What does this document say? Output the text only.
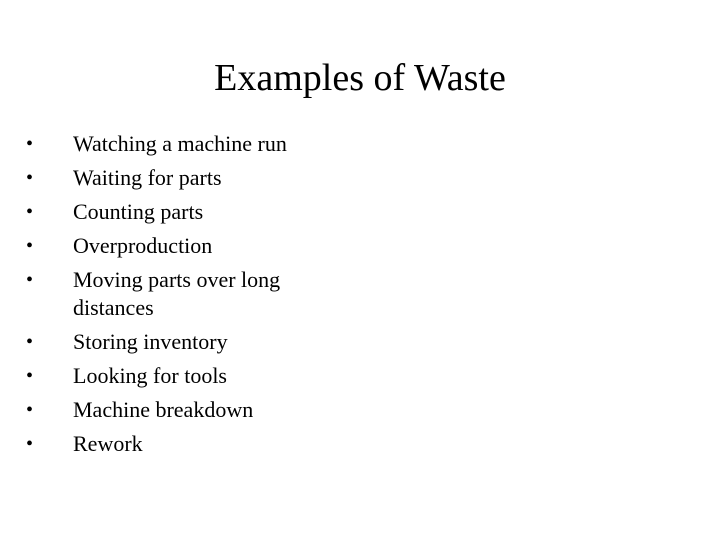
Examples of Waste
•	Watching a machine run
•	Waiting for parts
•	Counting parts
•	Overproduction
•	Moving parts over long distances
•	Storing inventory
•	Looking for tools
•	Machine breakdown
•	Rework
